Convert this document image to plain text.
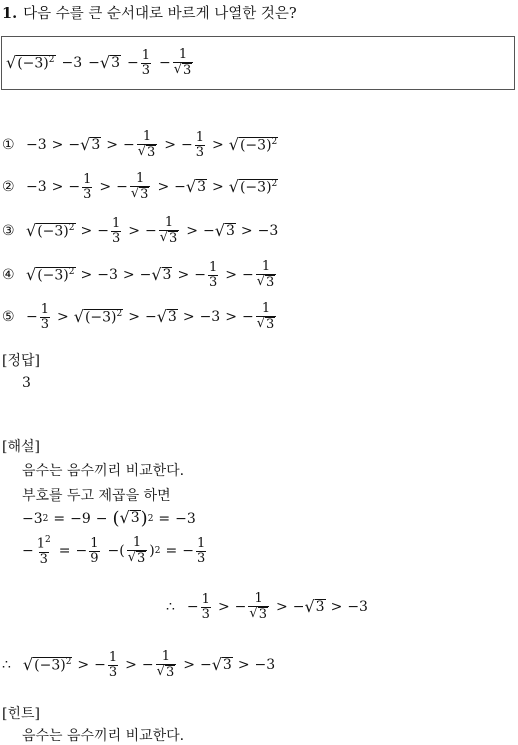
1. 다음 수를 큰 순서대로 바르게 나열한 것은?
√ $(-3)^2 -3$ − √ $3 - \frac{1}{3} - \frac{1}{√ 3}$
① −3 > − √ 3 > − $\frac{1}{√ 3}$ > − $\frac{1}{3}$ > √ $(-3)^2$
② −3 > − $\frac{1}{3}$ > − $\frac{1}{√ 3}$ > − √ 3 > √ $(-3)^2$
③ √ $(-3)^2$ > − $\frac{1}{3}$ > − $\frac{1}{√ 3}$ > − √ 3 > −3
④ √ $(-3)^2 > -3$ > − √ 3 > − $\frac{1}{3}$ > − $\frac{1}{√ 3}$
⑤ − $\frac{1}{3}$ > √ $(-3)^2$ > − √ 3 > −3 > − $\frac{1}{√ 3}$
[정답]
3
[해설]
음수는 음수끼리 비교한다.
부호를 두고 제곱을 하면
− 3 2 = −9 − ( √ 3 ) 2 = −3
− $\frac{1^2}{3}$ = − $\frac{1}{9}$ − ( $\frac{1}{√ 3}$ ) 2 = − $\frac{1}{3}$
∴ − $\frac{1}{3}$ > − $\frac{1}{√ 3}$ > − √ 3 > −3
∴ √ $(-3)^2$ > − $\frac{1}{3}$ > − $\frac{1}{√ 3}$ > − √ 3 > −3
[힌트]
음수는 음수끼리 비교한다.
